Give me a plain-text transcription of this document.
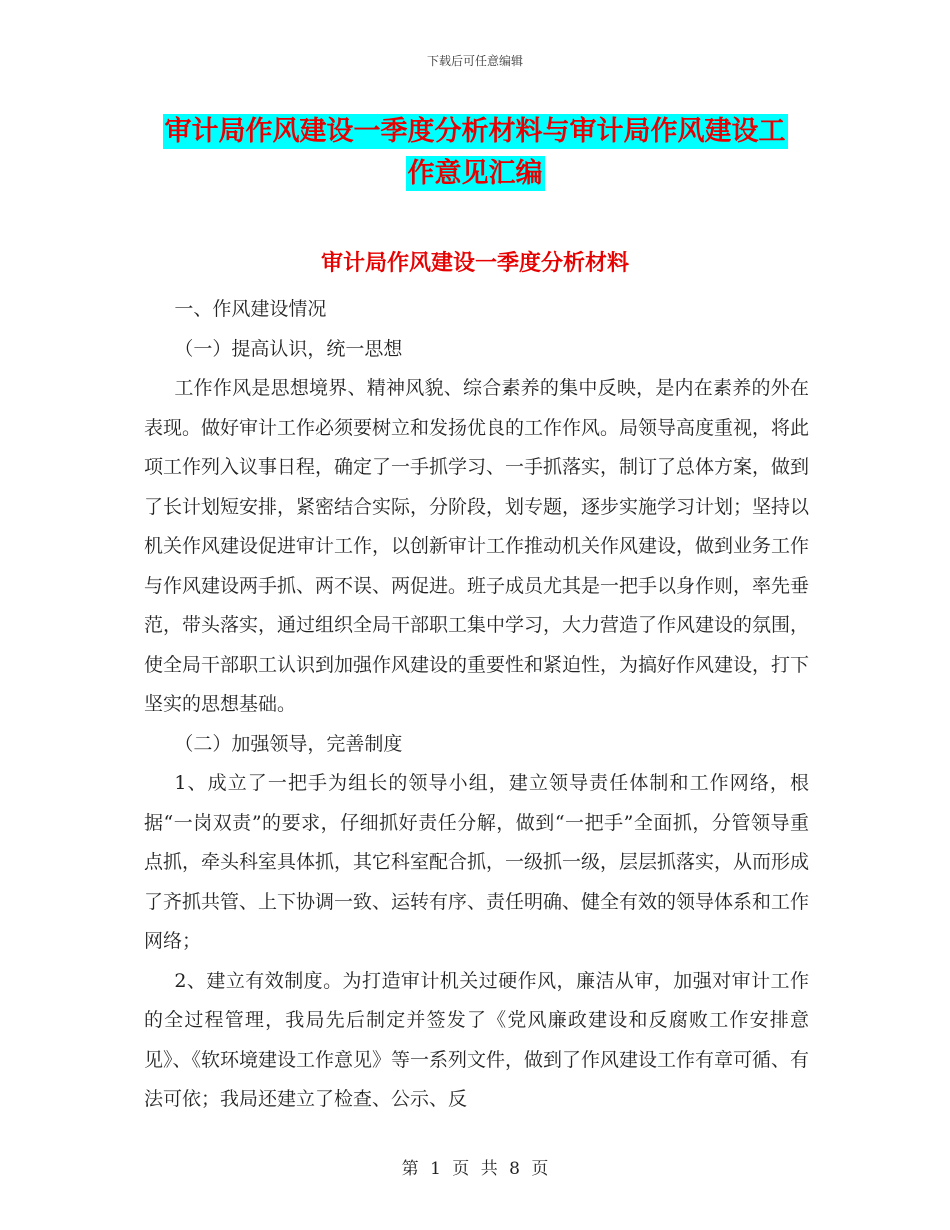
下载后可任意编辑

审计局作风建设一季度分析材料与审计局作风建设工
作意见汇编
审计局作风建设一季度分析材料

一、作风建设情况

（一）提高认识，统一思想

工作作风是思想境界、精神风貌、综合素养的集中反映，是内在素养的外在表现。做好审计工作必须要树立和发扬优良的工作作风。局领导高度重视，将此项工作列入议事日程，确定了一手抓学习、一手抓落实，制订了总体方案，做到了长计划短安排，紧密结合实际，分阶段，划专题，逐步实施学习计划；坚持以机关作风建设促进审计工作，以创新审计工作推动机关作风建设，做到业务工作与作风建设两手抓、两不误、两促进。班子成员尤其是一把手以身作则，率先垂范，带头落实，通过组织全局干部职工集中学习，大力营造了作风建设的氛围，使全局干部职工认识到加强作风建设的重要性和紧迫性，为搞好作风建设，打下坚实的思想基础。

（二）加强领导，完善制度

1、成立了一把手为组长的领导小组，建立领导责任体制和工作网络，根据“一岗双责”的要求，仔细抓好责任分解，做到“一把手”全面抓，分管领导重点抓，牵头科室具体抓，其它科室配合抓，一级抓一级，层层抓落实，从而形成了齐抓共管、上下协调一致、运转有序、责任明确、健全有效的领导体系和工作网络；

2、建立有效制度。为打造审计机关过硬作风，廉洁从审，加强对审计工作的全过程管理，我局先后制定并签发了《党风廉政建设和反腐败工作安排意见》、《软环境建设工作意见》等一系列文件，做到了作风建设工作有章可循、有法可依；我局还建立了检查、公示、反

第 1 页 共 8 页
